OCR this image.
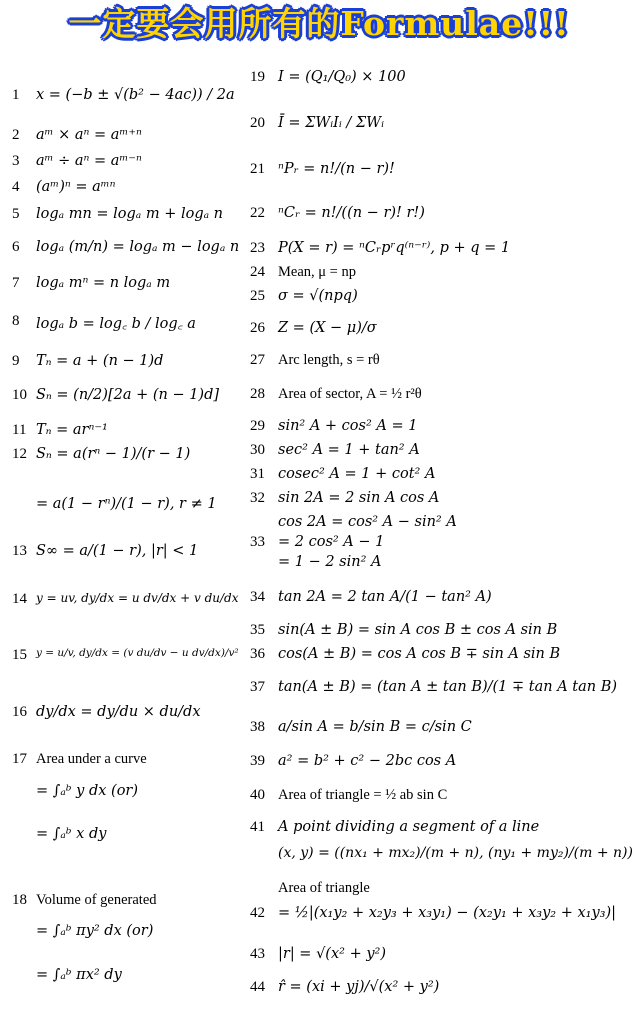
一定要会用所有的Formulae!!!
1 x = (−b ± √(b² − 4ac)) / 2a
2 aᵐ × aⁿ = aᵐ⁺ⁿ
3 aᵐ ÷ aⁿ = aᵐ⁻ⁿ
4 (aᵐ)ⁿ = aᵐⁿ
5 logₐ mn = logₐ m + logₐ n
6 logₐ (m/n) = logₐ m − logₐ n
7 logₐ mⁿ = n logₐ m
8 logₐ b = log꜀ b / log꜀ a
9 Tₙ = a + (n − 1)d
10 Sₙ = (n/2)[2a + (n − 1)d]
11 Tₙ = arⁿ⁻¹
12 Sₙ = a(rⁿ − 1)/(r − 1)
= a(1 − rⁿ)/(1 − r), r ≠ 1
13 S∞ = a/(1 − r), |r| < 1
14 y = uv, dy/dx = u dv/dx + v du/dx
15 y = u/v, dy/dx = (v du/dv − u dv/dx)/v²
16 dy/dx = dy/du × du/dx
17 Area under a curve
= ∫ₐᵇ y dx (or)
= ∫ₐᵇ x dy
18 Volume of generated
= ∫ₐᵇ πy² dx (or)
= ∫ₐᵇ πx² dy
19 I = (Q₁/Q₀) × 100
20 Ī = ΣWᵢIᵢ / ΣWᵢ
21 ⁿPᵣ = n!/(n − r)!
22 ⁿCᵣ = n!/((n − r)! r!)
23 P(X = r) = ⁿCᵣpʳq⁽ⁿ⁻ʳ⁾, p + q = 1
24 Mean, μ = np
25 σ = √(npq)
26 Z = (X − μ)/σ
27 Arc length, s = rθ
28 Area of sector, A = ½ r²θ
29 sin² A + cos² A = 1
30 sec² A = 1 + tan² A
31 cosec² A = 1 + cot² A
32 sin 2A = 2 sin A cos A
cos 2A = cos² A − sin² A
33 = 2 cos² A − 1
= 1 − 2 sin² A
34 tan 2A = 2 tan A/(1 − tan² A)
35 sin(A ± B) = sin A cos B ± cos A sin B
36 cos(A ± B) = cos A cos B ∓ sin A sin B
37 tan(A ± B) = (tan A ± tan B)/(1 ∓ tan A tan B)
38 a/sin A = b/sin B = c/sin C
39 a² = b² + c² − 2bc cos A
40 Area of triangle = ½ ab sin C
41 A point dividing a segment of a line
(x, y) = ((nx₁ + mx₂)/(m + n), (ny₁ + my₂)/(m + n))
Area of triangle
42 = ½|(x₁y₂ + x₂y₃ + x₃y₁) − (x₂y₁ + x₃y₂ + x₁y₃)|
43 |r| = √(x² + y²)
44 r̂ = (xi + yj)/√(x² + y²)
